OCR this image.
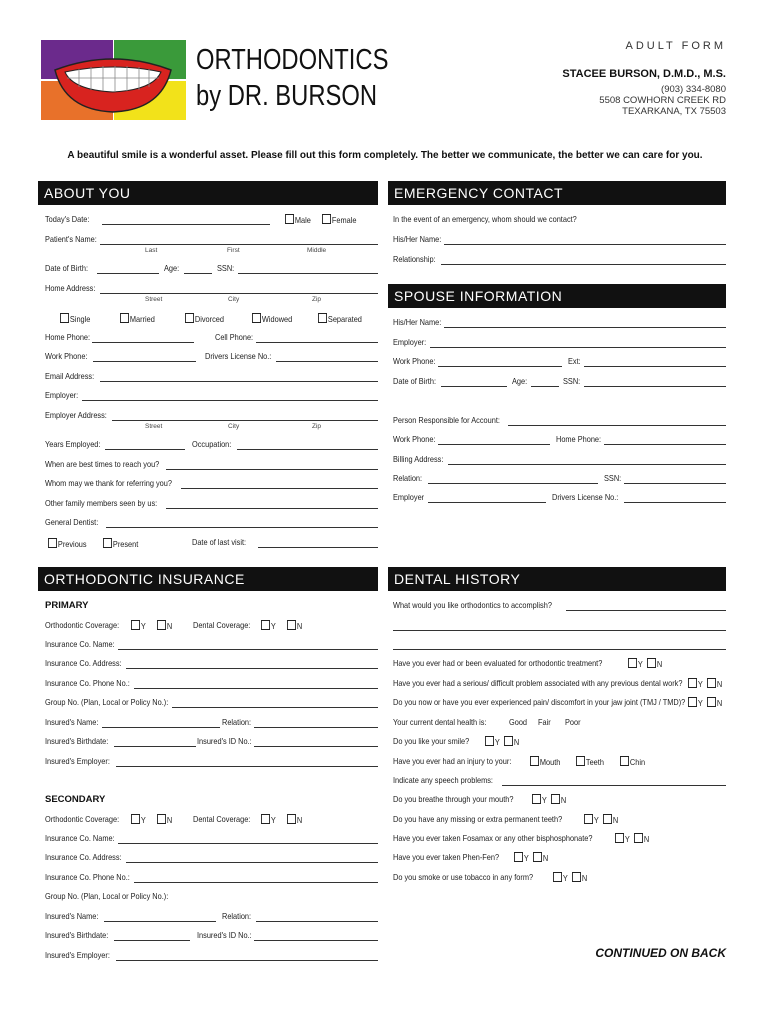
ORTHODONTICS
by DR. BURSON
ADULT FORM
STACEE BURSON, D.M.D., M.S.
(903) 334-8080
5508 COWHORN CREEK RD
TEXARKANA, TX 75503
A beautiful smile is a wonderful asset. Please fill out this form completely. The better we communicate, the better we can care for you.
ABOUT YOU	EMERGENCY CONTACT
SPOUSE INFORMATION
ORTHODONTIC INSURANCE	DENTAL HISTORY
Today's Date:	Male	Female
Patient's Name:
Last	First	Middle
Date of Birth:	Age:	SSN:
Home Address:
Street	City	Zip
Single	Married	Divorced	Widowed	Separated
Home Phone:	Cell Phone:
Work Phone:	Drivers License No.:
Email Address:
Employer:
Employer Address:
Street	City	Zip
Years Employed:	Occupation:
When are best times to reach you?
Whom may we thank for referring you?
Other family members seen by us:
General Dentist:
Previous	Present	Date of last visit:
In the event of an emergency, whom should we contact?
His/Her Name:
Relationship:
His/Her Name:
Employer:
Work Phone:	Ext:
Date of Birth:	Age:	SSN:
Person Responsible for Account:
Work Phone:	Home Phone:
Billing Address:
Relation:	SSN:
Employer	Drivers License No.:
PRIMARY
Orthodontic Coverage:	Y	N	Dental Coverage:	Y	N
Insurance Co. Name:
Insurance Co. Address:
Insurance Co. Phone No.:
Group No. (Plan, Local or Policy No.):
Insured's Name:	Relation:
Insured's Birthdate:	Insured's ID No.:
Insured's Employer:
SECONDARY
Orthodontic Coverage:	Y	N	Dental Coverage:	Y	N
Insurance Co. Name:
Insurance Co. Address:
Insurance Co. Phone No.:
Group No. (Plan, Local or Policy No.):
Insured's Name:	Relation:
Insured's Birthdate:	Insured's ID No.:
Insured's Employer:
What would you like orthodontics to accomplish?
Have you ever had or been evaluated for orthodontic treatment?	Y	N
Have you ever had a serious/ difficult problem associated with any previous dental work?	Y	N
Do you now or have you ever experienced pain/ discomfort in your jaw joint (TMJ / TMD)?	Y	N
Your current dental health is:	Good Fair Poor
Do you like your smile?	Y	N
Have you ever had an injury to your:	Mouth	Teeth	Chin
Indicate any speech problems:
Do you breathe through your mouth?	Y	N
Do you have any missing or extra permanent teeth?	Y	N
Have you ever taken Fosamax or any other bisphosphonate?	Y	N
Have you ever taken Phen-Fen?	Y	N
Do you smoke or use tobacco in any form?	Y	N
CONTINUED ON BACK
